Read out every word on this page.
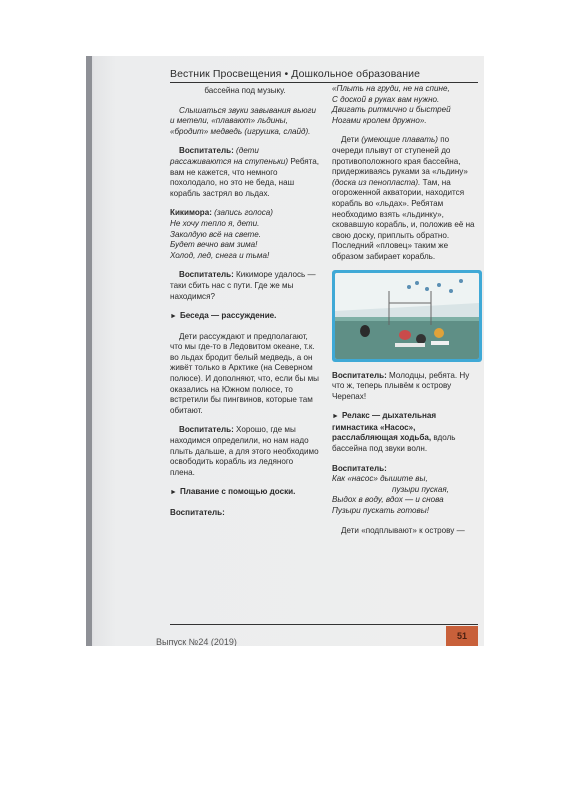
Вестник Просвещения • Дошкольное образование

бассейна под музыку.

Слышаться звуки завывания вьюги и метели, «плавают» льдины, «бродит» медведь (игрушка, слайд).

Воспитатель: (дети рассаживаются на ступеньки) Ребята, вам не кажется, что немного похолодало, но это не беда, наш корабль застрял во льдах.

Кикимора: (запись голоса)
Не хочу тепло я, дети.
Заколдую всё на свете.
Будет вечно вам зима!
Холод, лед, снега и тьма!

Воспитатель: Кикиморе удалось — таки сбить нас с пути. Где же мы находимся?

► Беседа — рассуждение.

Дети рассуждают и предполагают, что мы где-то в Ледовитом океане, т.к. во льдах бродит белый медведь, а он живёт только в Арктике (на Северном полюсе). И дополняют, что, если бы мы оказались на Южном полюсе, то встретили бы пингвинов, которые там обитают.

Воспитатель: Хорошо, где мы находимся определили, но нам надо плыть дальше, а для этого необходимо освободить корабль из ледяного плена.

► Плавание с помощью доски.

Воспитатель:

«Плыть на груди, не на спине,
С доской в руках вам нужно.
Двигать ритмично и быстрей
Ногами кролем дружно».

Дети (умеющие плавать) по очереди плывут от ступеней до противоположного края бассейна, придерживаясь руками за «льдину» (доска из пенопласта). Там, на огороженной акватории, находится корабль во «льдах». Ребятам необходимо взять «льдинку», сковавшую корабль, и, положив её на свою доску, приплыть обратно. Последний «пловец» таким же образом забирает корабль.

Воспитатель: Молодцы, ребята. Ну что ж, теперь плывём к острову Черепах!

► Релакс — дыхательная гимнастика «Насос», расслабляющая ходьба, вдоль бассейна под звуки волн.

Воспитатель:
Как «насос» дышите вы,
пузыри пуская,
Выдох в воду, вдох — и снова
Пузыри пускать готовы!

Дети «подплывают» к острову —

Выпуск №24 (2019)
51
